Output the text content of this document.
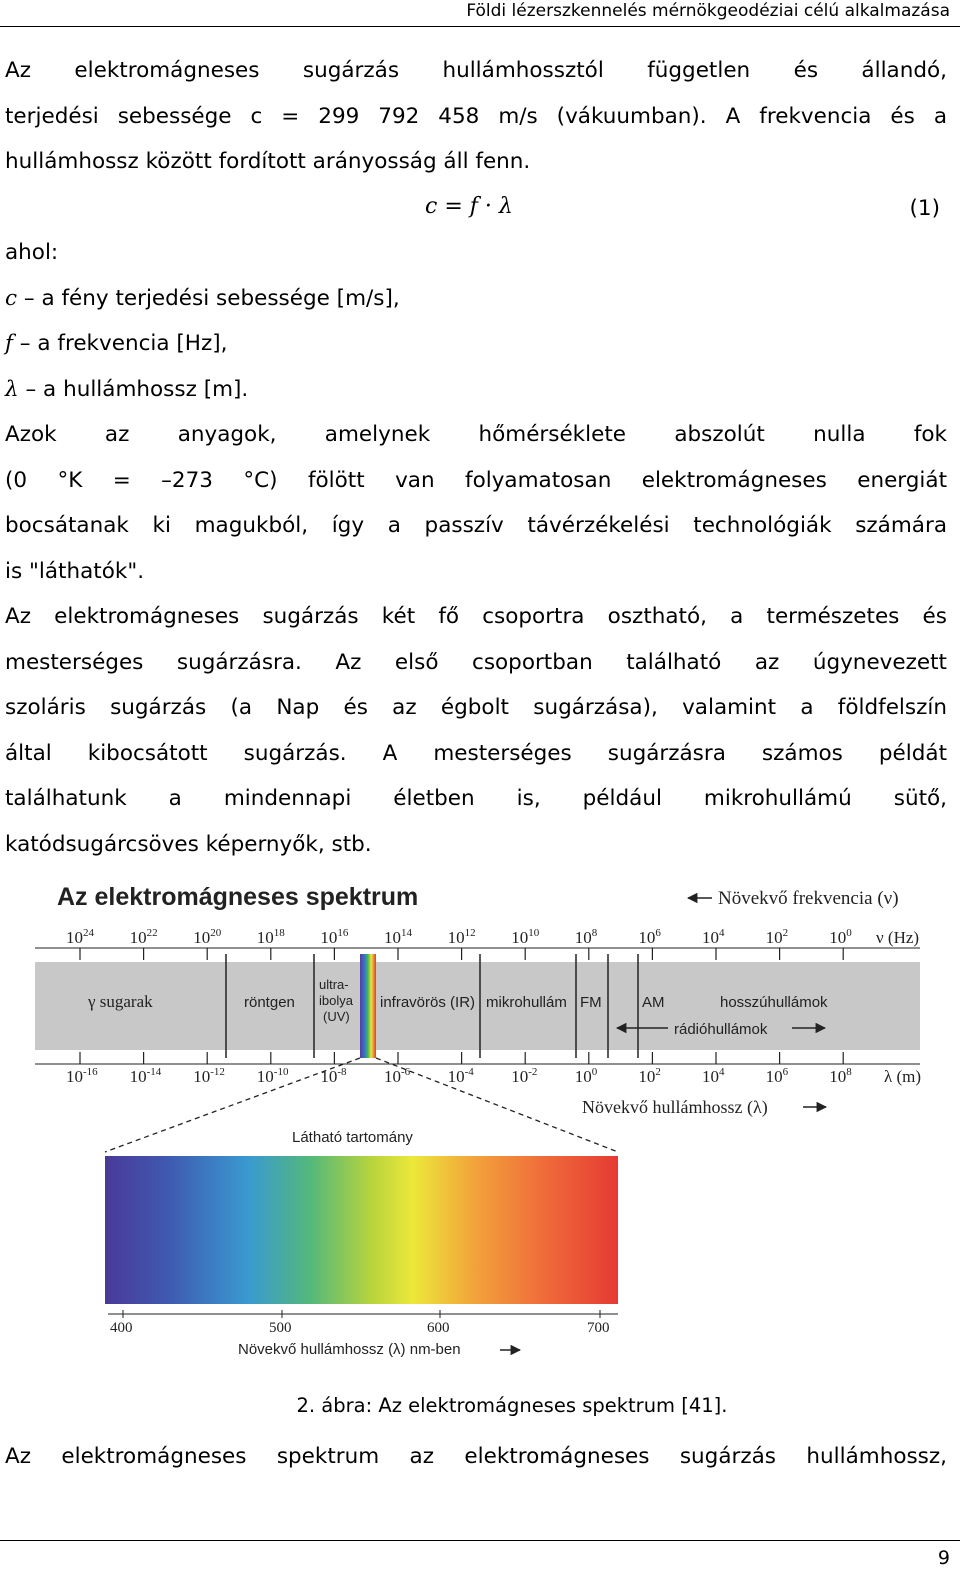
Földi lézerszkennelés mérnökgeodéziai célú alkalmazása
Az elektromágneses sugárzás hullámhossztól független és állandó,
terjedési sebessége c = 299 792 458 m/s (vákuumban). A frekvencia és a
hullámhossz között fordított arányosság áll fenn.
c = f · λ	(1)
ahol:
c – a fény terjedési sebessége [m/s],
f – a frekvencia [Hz],
λ – a hullámhossz [m].
Azok az anyagok, amelynek hőmérséklete abszolút nulla fok
(0 °K = –273 °C) fölött van folyamatosan elektromágneses energiát
bocsátanak ki magukból, így a passzív távérzékelési technológiák számára
is "láthatók".
Az elektromágneses sugárzás két fő csoportra osztható, a természetes és
mesterséges sugárzásra. Az első csoportban található az úgynevezett
szoláris sugárzás (a Nap és az égbolt sugárzása), valamint a földfelszín
által kibocsátott sugárzás. A mesterséges sugárzásra számos példát
találhatunk a mindennapi életben is, például mikrohullámú sütő,
katódsugárcsöves képernyők, stb.
Az elektromágneses spektrum	Növekvő frekvencia (ν)
$10^{24}$ $10^{22}$ $10^{20}$ $10^{18}$ $10^{16}$ $10^{14}$ $10^{12}$ $10^{10}$ $10^8$ $10^6$ $10^4$ $10^2$ $10^0$ ν (Hz)
γ sugarak	röntgen
ultra-
ibolya
(UV)
infravörös (IR) mikrohullám FM	AM	hosszúhullámok
rádióhullámok
$10^{-16}$ $10^{-14}$ $10^{-12}$ $10^{-10}$ $10^{-8}$ $10^{-6}$ $10^{-4}$ $10^{-2}$ $10^0$ $10^2$ $10^4$ $10^6$ $10^8$ λ (m)
Növekvő hullámhossz (λ)
Látható tartomány
400	500	600	700
Növekvő hullámhossz (λ) nm-ben
2. ábra: Az elektromágneses spektrum [41].
Az elektromágneses spektrum az elektromágneses sugárzás hullámhossz,
9
